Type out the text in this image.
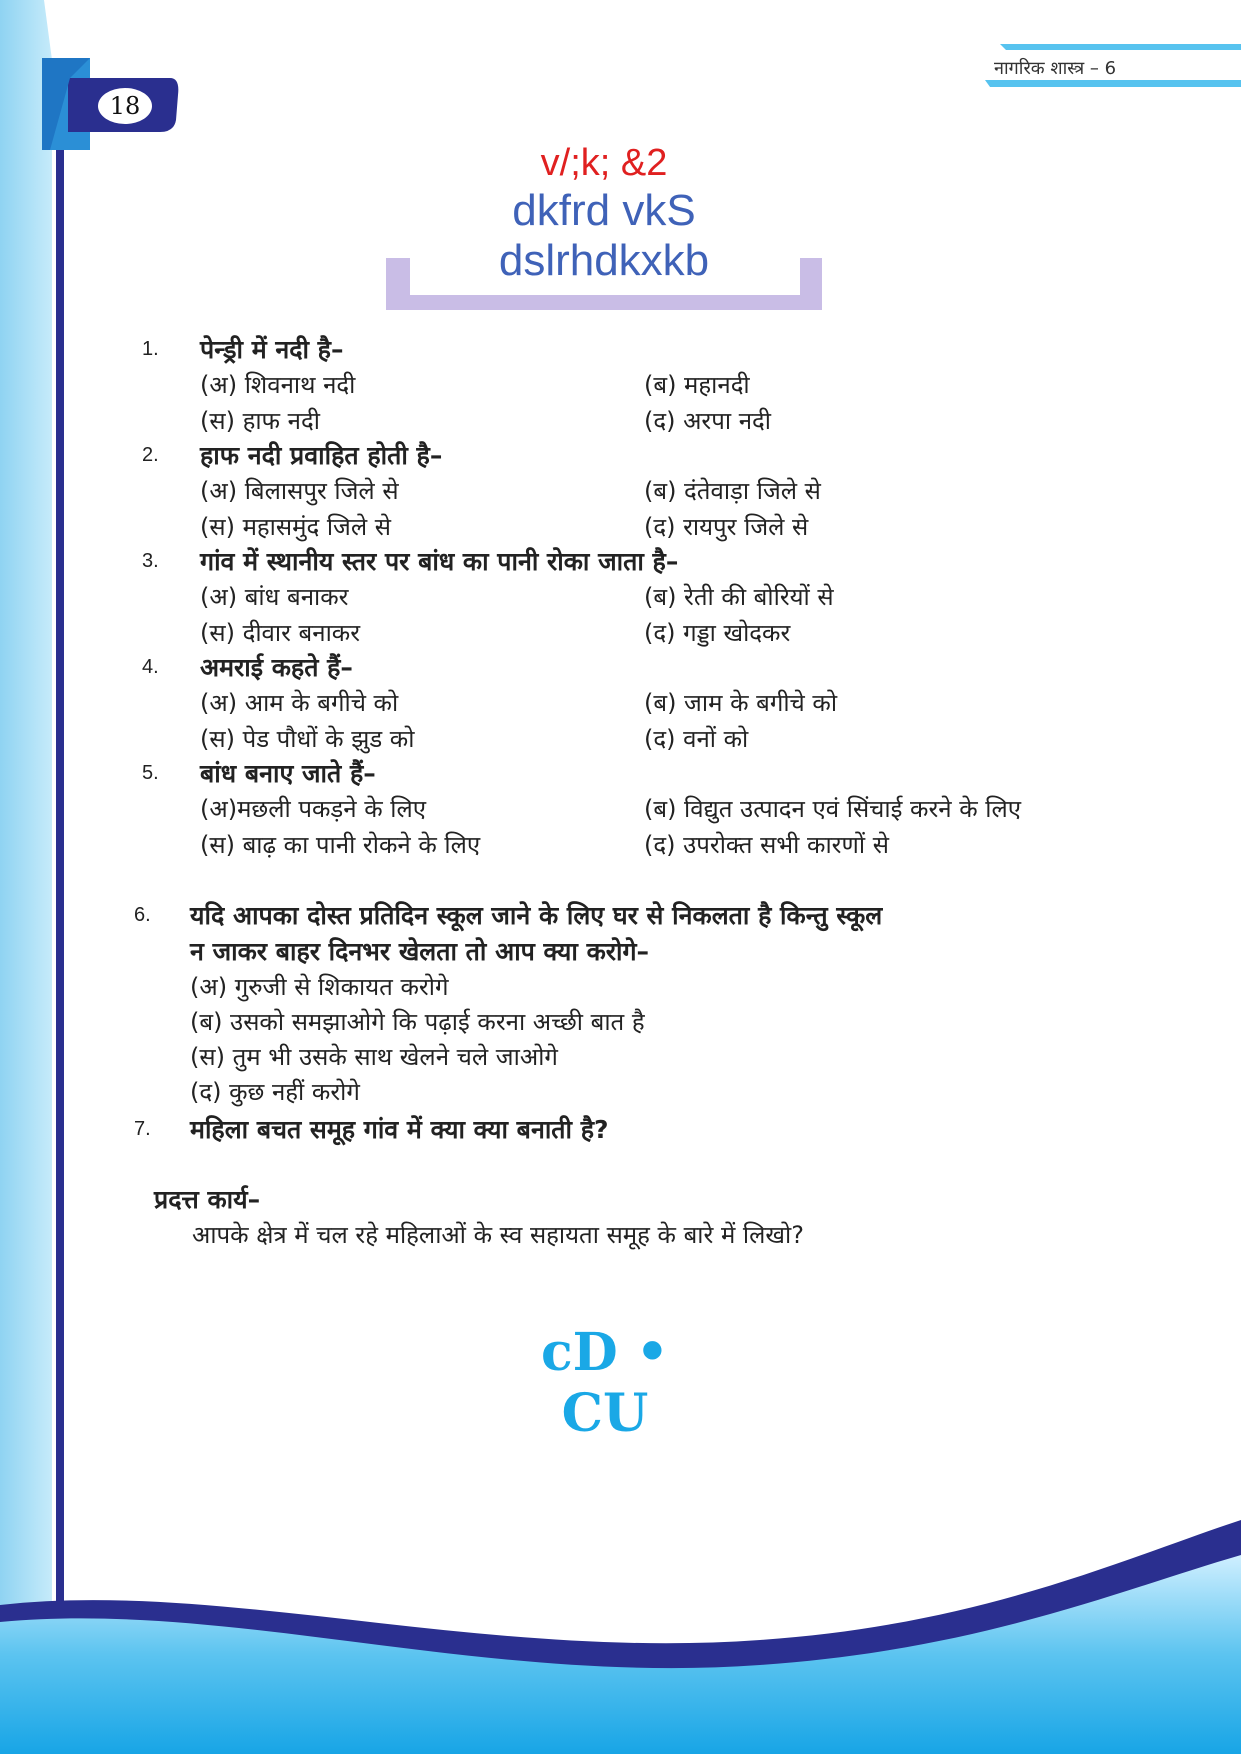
नागरिक शास्त्र – 6
18
v/;k; &2
dkfrd vkS
dslrhdkxkb
1. पेन्ड्री में नदी है–
(अ) शिवनाथ नदी	(ब) महानदी
(स) हाफ नदी	(द) अरपा नदी
2. हाफ नदी प्रवाहित होती है–
(अ) बिलासपुर जिले से	(ब) दंतेवाड़ा जिले से
(स) महासमुंद जिले से	(द) रायपुर जिले से
3. गांव में स्थानीय स्तर पर बांध का पानी रोका जाता है–
(अ) बांध बनाकर	(ब) रेती की बोरियों से
(स) दीवार बनाकर	(द) गड्डा खोदकर
4. अमराई कहते हैं–
(अ) आम के बगीचे को	(ब) जाम के बगीचे को
(स) पेड पौधों के झुड को	(द) वनों को
5. बांध बनाए जाते हैं–
(अ)मछली पकड़ने के लिए	(ब) विद्युत उत्पादन एवं सिंचाई करने के लिए
(स) बाढ़ का पानी रोकने के लिए	(द) उपरोक्त सभी कारणों से
6. यदि आपका दोस्त प्रतिदिन स्कूल जाने के लिए घर से निकलता है किन्तु स्कूल
न जाकर बाहर दिनभर खेलता तो आप क्या करोगे–
(अ) गुरुजी से शिकायत करोगे
(ब) उसको समझाओगे कि पढ़ाई करना अच्छी बात है
(स) तुम भी उसके साथ खेलने चले जाओगे
(द) कुछ नहीं करोगे
7. महिला बचत समूह गांव में क्या क्या बनाती है?
प्रदत्त कार्य–
आपके क्षेत्र में चल रहे महिलाओं के स्व सहायता समूह के बारे में लिखो?
cD • CU
